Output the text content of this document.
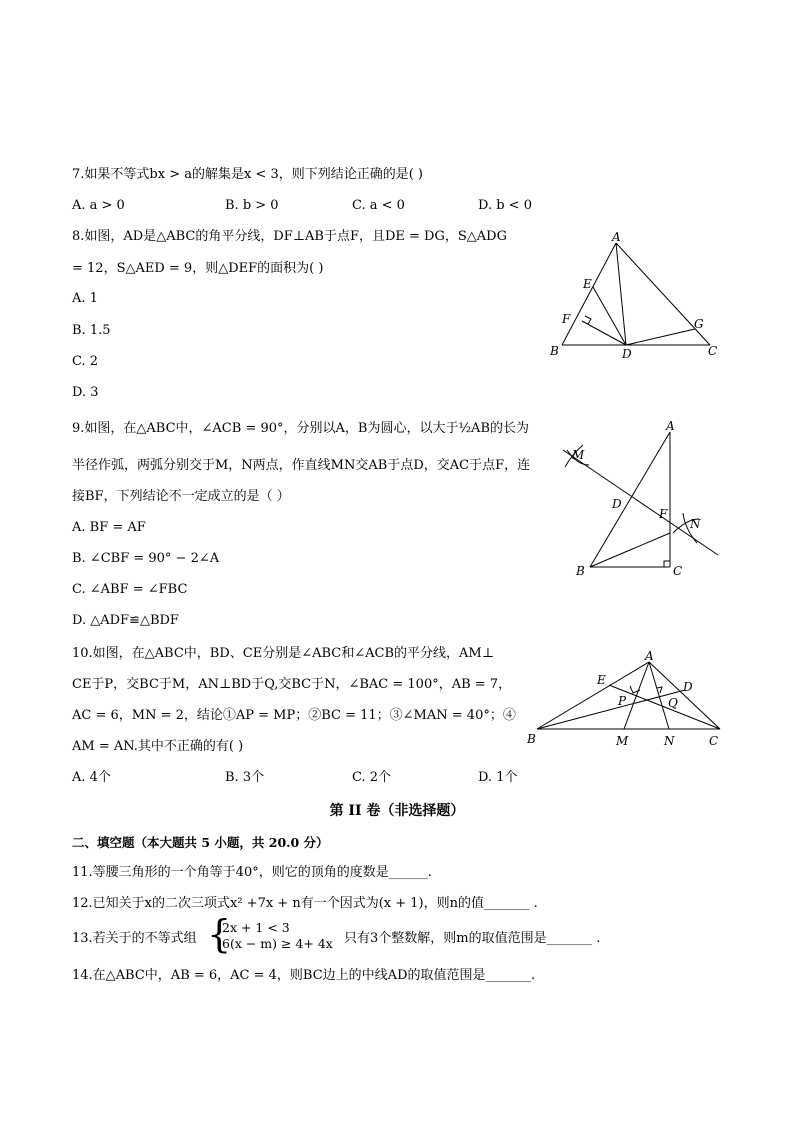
7.如果不等式bx > a的解集是x < 3，则下列结论正确的是( )
A. a > 0	B. b > 0	C. a < 0	D. b < 0
8.如图，AD是△ABC的角平分线，DF⊥AB于点F，且DE = DG，S△ADG
= 12，S△AED = 9，则△DEF的面积为( )
A. 1
B. 1.5
C. 2
D. 3
A
B	C
D
E
F	G
9.如图，在△ABC中，∠ACB = 90°，分别以A，B为圆心，以大于½AB的长为
半径作弧，两弧分别交于M，N两点，作直线MN交AB于点D，交AC于点F，连
接BF，下列结论不一定成立的是（ ）
A. BF = AF
B. ∠CBF = 90° − 2∠A
C. ∠ABF = ∠FBC
D. △ADF≌△BDF
A
B	C
D
F
M
N
10.如图，在△ABC中，BD、CE分别是∠ABC和∠ACB的平分线，AM⊥
CE于P，交BC于M，AN⊥BD于Q,交BC于N，∠BAC = 100°，AB = 7，
AC = 6，MN = 2，结论①AP = MP；②BC = 11；③∠MAN = 40°；④
AM = AN.其中不正确的有( )
A. 4个	B. 3个	C. 2个	D. 1个
A
B	C
D
E
M	N
P	Q
第 II 卷（非选择题）
二、填空题（本大题共 5 小题，共 20.0 分）
11.等腰三角形的一个角等于40°，则它的顶角的度数是______.
12.已知关于x的二次三项式x² +7x + n有一个因式为(x + 1)，则n的值_______ .
13.若关于的不等式组 {
2x + 1 < 3
6(x − m) ≥ 4+ 4x 只有3个整数解，则m的取值范围是_______ .
14.在△ABC中，AB = 6，AC = 4，则BC边上的中线AD的取值范围是_______.
